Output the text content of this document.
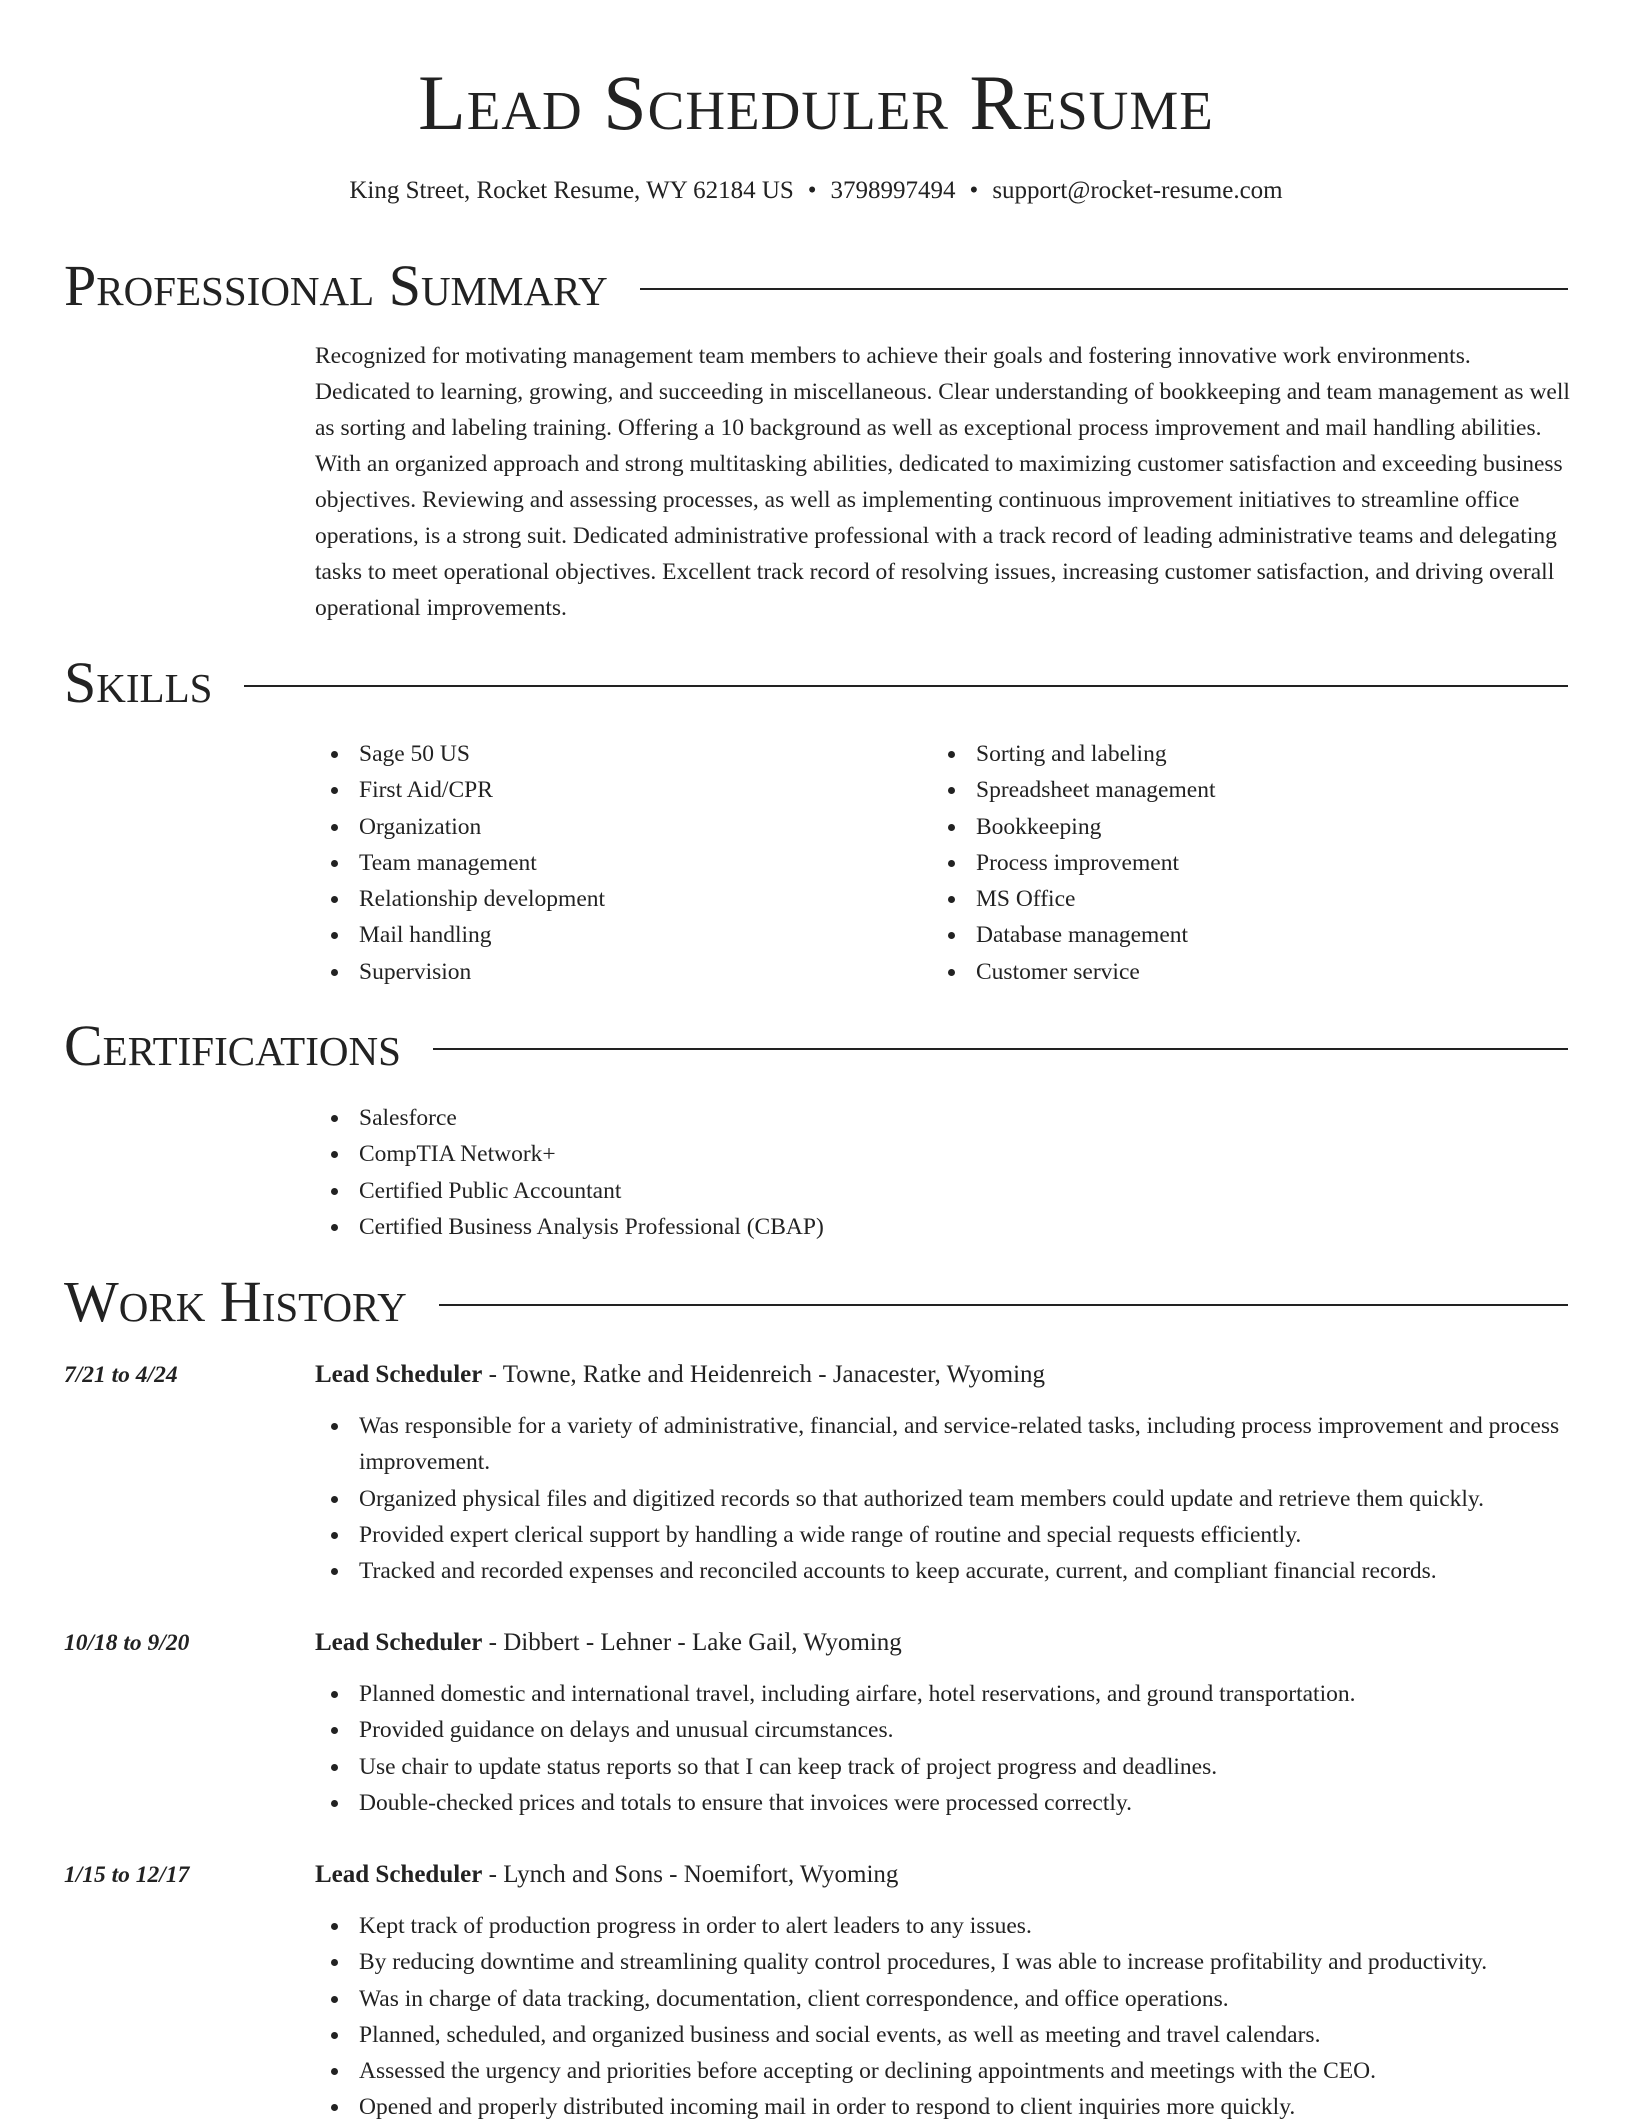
Lead Scheduler Resume
King Street, Rocket Resume, WY 62184 US • 3798997494 • support@rocket-resume.com
Professional Summary
Recognized for motivating management team members to achieve their goals and fostering innovative work environments. Dedicated to learning, growing, and succeeding in miscellaneous. Clear understanding of bookkeeping and team management as well as sorting and labeling training. Offering a 10 background as well as exceptional process improvement and mail handling abilities. With an organized approach and strong multitasking abilities, dedicated to maximizing customer satisfaction and exceeding business objectives. Reviewing and assessing processes, as well as implementing continuous improvement initiatives to streamline office operations, is a strong suit. Dedicated administrative professional with a track record of leading administrative teams and delegating tasks to meet operational objectives. Excellent track record of resolving issues, increasing customer satisfaction, and driving overall operational improvements.
Skills
Sage 50 US
First Aid/CPR
Organization
Team management
Relationship development
Mail handling
Supervision
Sorting and labeling
Spreadsheet management
Bookkeeping
Process improvement
MS Office
Database management
Customer service
Certifications
Salesforce
CompTIA Network+
Certified Public Accountant
Certified Business Analysis Professional (CBAP)
Work History
7/21 to 4/24	Lead Scheduler - Towne, Ratke and Heidenreich - Janacester, Wyoming
Was responsible for a variety of administrative, financial, and service-related tasks, including process improvement and process improvement.
Organized physical files and digitized records so that authorized team members could update and retrieve them quickly.
Provided expert clerical support by handling a wide range of routine and special requests efficiently.
Tracked and recorded expenses and reconciled accounts to keep accurate, current, and compliant financial records.
10/18 to 9/20	Lead Scheduler - Dibbert - Lehner - Lake Gail, Wyoming
Planned domestic and international travel, including airfare, hotel reservations, and ground transportation.
Provided guidance on delays and unusual circumstances.
Use chair to update status reports so that I can keep track of project progress and deadlines.
Double-checked prices and totals to ensure that invoices were processed correctly.
1/15 to 12/17	Lead Scheduler - Lynch and Sons - Noemifort, Wyoming
Kept track of production progress in order to alert leaders to any issues.
By reducing downtime and streamlining quality control procedures, I was able to increase profitability and productivity.
Was in charge of data tracking, documentation, client correspondence, and office operations.
Planned, scheduled, and organized business and social events, as well as meeting and travel calendars.
Assessed the urgency and priorities before accepting or declining appointments and meetings with the CEO.
Opened and properly distributed incoming mail in order to respond to client inquiries more quickly.
